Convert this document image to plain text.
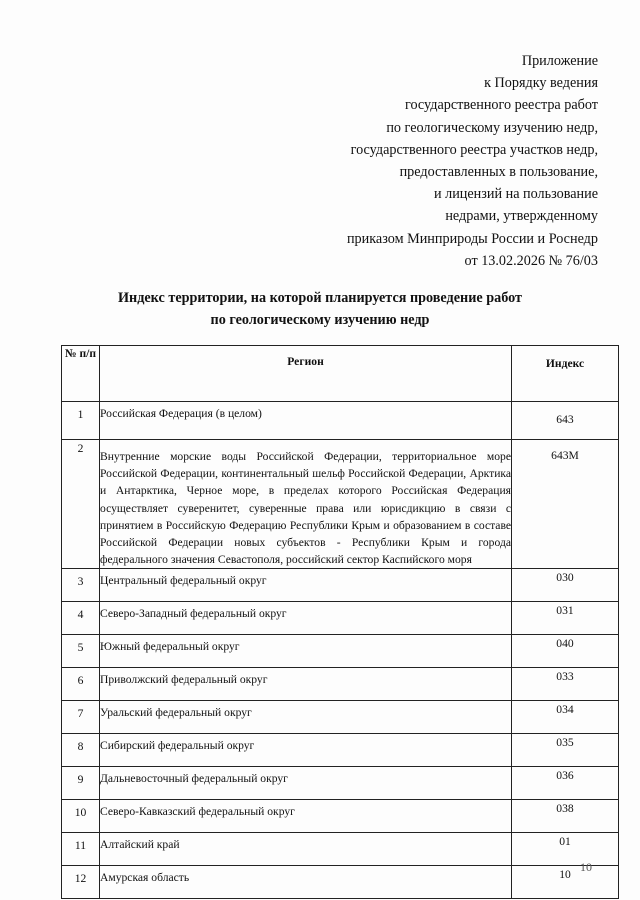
Приложение
к Порядку ведения
государственного реестра работ
по геологическому изучению недр,
государственного реестра участков недр,
предоставленных в пользование,
и лицензий на пользование
недрами, утвержденному
приказом Минприроды России и Роснедр
от 13.02.2026 № 76/03
Индекс территории, на которой планируется проведение работ
по геологическому изучению недр
№ п/п	Регион	Индекс
1	Российская Федерация (в целом)	643
2	Внутренние морские воды Российской Федерации, территориальное море Российской Федерации, континентальный шельф Российской Федерации, Арктика и Антарктика, Черное море, в пределах которого Российская Федерация осуществляет суверенитет, суверенные права или юрисдикцию в связи с принятием в Российскую Федерацию Республики Крым и образованием в составе Российской Федерации новых субъектов - Республики Крым и города федерального значения Севастополя, российский сектор Каспийского моря	643М
3	Центральный федеральный округ	030
4	Северо-Западный федеральный округ	031
5	Южный федеральный округ	040
6	Приволжский федеральный округ	033
7	Уральский федеральный округ	034
8	Сибирский федеральный округ	035
9	Дальневосточный федеральный округ	036
10	Северо-Кавказский федеральный округ	038
11	Алтайский край	01
12	Амурская область	10
10
